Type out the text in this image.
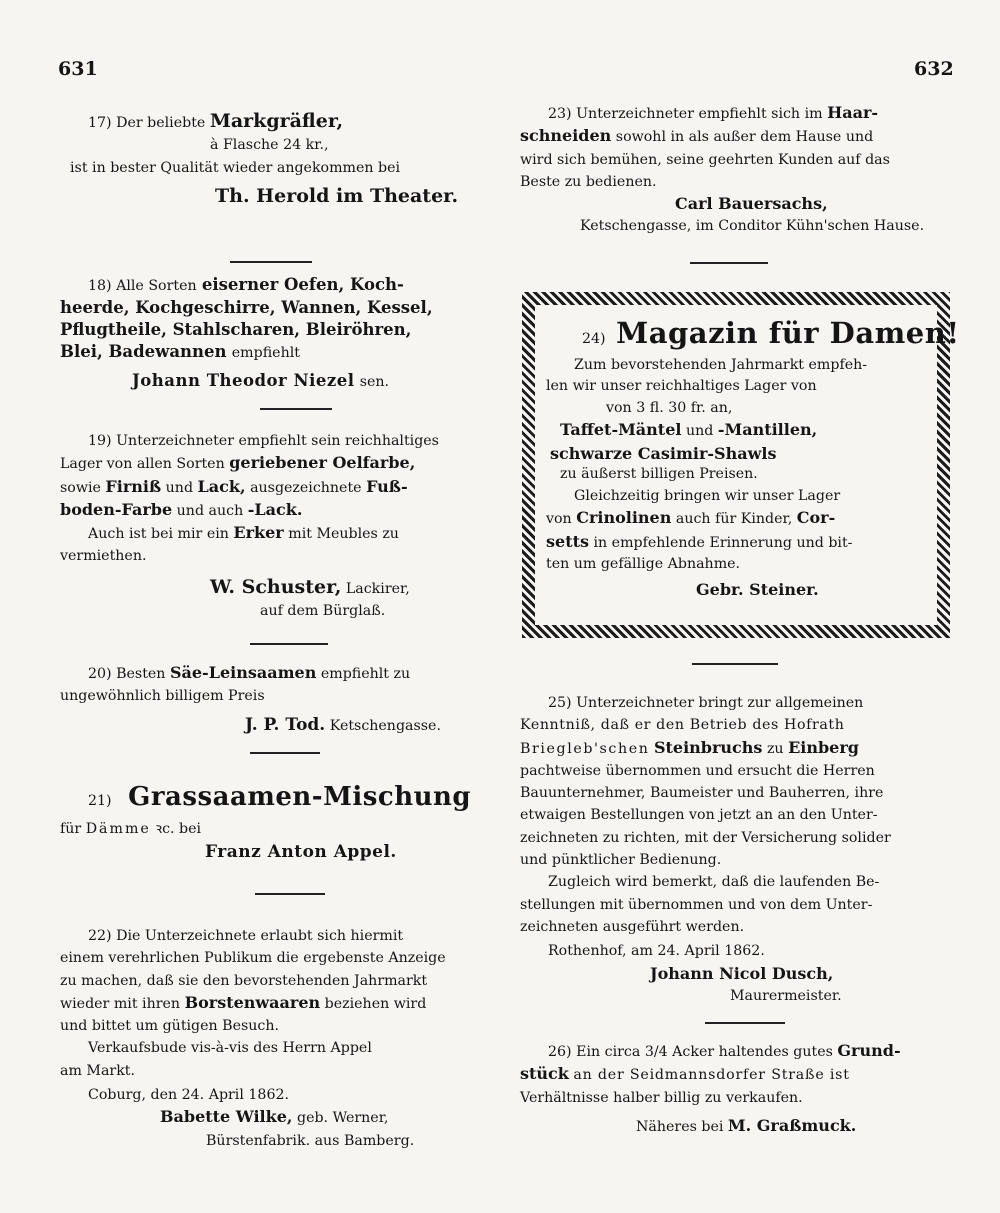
631	632
17) Der beliebte Markgräfler,
à Flasche 24 kr.,
ist in bester Qualität wieder angekommen bei
Th. Herold im Theater.
18) Alle Sorten eiserner Oefen, Koch-
heerde, Kochgeschirre, Wannen, Kessel,
Pflugtheile, Stahlscharen, Bleiröhren,
Blei, Badewannen empfiehlt
Johann Theodor Niezel sen.
19) Unterzeichneter empfiehlt sein reichhaltiges
Lager von allen Sorten geriebener Oelfarbe,
sowie Firniß und Lack, ausgezeichnete Fuß-
boden-Farbe und auch -Lack.
Auch ist bei mir ein Erker mit Meubles zu
vermiethen.
W. Schuster, Lackirer,
auf dem Bürglaß.
20) Besten Säe-Leinsaamen empfiehlt zu
ungewöhnlich billigem Preis
J. P. Tod. Ketschengasse.
21) Grassaamen-Mischung
für Dämme ꝛc. bei
Franz Anton Appel.
22) Die Unterzeichnete erlaubt sich hiermit
einem verehrlichen Publikum die ergebenste Anzeige
zu machen, daß sie den bevorstehenden Jahrmarkt
wieder mit ihren Borstenwaaren beziehen wird
und bittet um gütigen Besuch.
Verkaufsbude vis-à-vis des Herrn Appel
am Markt.
Coburg, den 24. April 1862.
Babette Wilke, geb. Werner,
Bürstenfabrik. aus Bamberg.
23) Unterzeichneter empfiehlt sich im Haar-
schneiden sowohl in als außer dem Hause und
wird sich bemühen, seine geehrten Kunden auf das
Beste zu bedienen.
Carl Bauersachs,
Ketschengasse, im Conditor Kühn'schen Hause.
24) Magazin für Damen!
Zum bevorstehenden Jahrmarkt empfeh-
len wir unser reichhaltiges Lager von
von 3 fl. 30 fr. an,
Taffet-Mäntel und -Mantillen,
schwarze Casimir-Shawls
zu äußerst billigen Preisen.
Gleichzeitig bringen wir unser Lager
von Crinolinen auch für Kinder, Cor-
setts in empfehlende Erinnerung und bit-
ten um gefällige Abnahme.
Gebr. Steiner.
25) Unterzeichneter bringt zur allgemeinen
Kenntniß, daß er den Betrieb des Hofrath
Briegleb'schen Steinbruchs zu Einberg
pachtweise übernommen und ersucht die Herren
Bauunternehmer, Baumeister und Bauherren, ihre
etwaigen Bestellungen von jetzt an an den Unter-
zeichneten zu richten, mit der Versicherung solider
und pünktlicher Bedienung.
Zugleich wird bemerkt, daß die laufenden Be-
stellungen mit übernommen und von dem Unter-
zeichneten ausgeführt werden.
Rothenhof, am 24. April 1862.
Johann Nicol Dusch,
Maurermeister.
26) Ein circa 3/4 Acker haltendes gutes Grund-
stück an der Seidmannsdorfer Straße ist
Verhältnisse halber billig zu verkaufen.
Näheres bei M. Graßmuck.
